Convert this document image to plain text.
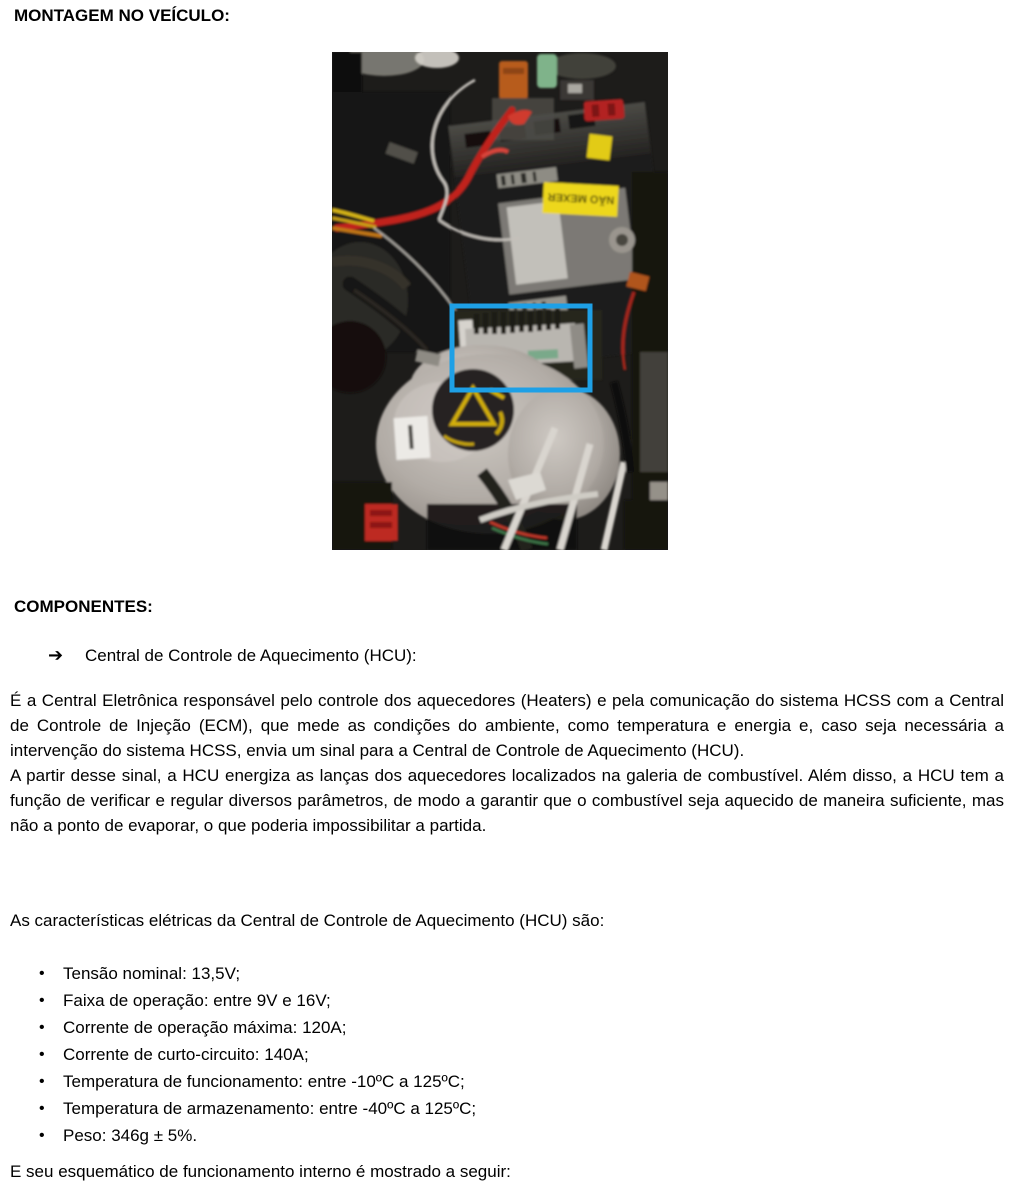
MONTAGEM NO VEÍCULO:
NÃO MEXER
COMPONENTES:
➔ Central de Controle de Aquecimento (HCU):

É a Central Eletrônica responsável pelo controle dos aquecedores (Heaters) e pela comunicação do sistema HCSS com a Central de Controle de Injeção (ECM), que mede as condições do ambiente, como temperatura e energia e, caso seja necessária a intervenção do sistema HCSS, envia um sinal para a Central de Controle de Aquecimento (HCU).

A partir desse sinal, a HCU energiza as lanças dos aquecedores localizados na galeria de combustível. Além disso, a HCU tem a função de verificar e regular diversos parâmetros, de modo a garantir que o combustível seja aquecido de maneira suficiente, mas não a ponto de evaporar, o que poderia impossibilitar a partida.

As características elétricas da Central de Controle de Aquecimento (HCU) são:
• Tensão nominal: 13,5V;
• Faixa de operação: entre 9V e 16V;
• Corrente de operação máxima: 120A;
• Corrente de curto-circuito: 140A;
• Temperatura de funcionamento: entre -10ºC a 125ºC;
• Temperatura de armazenamento: entre -40ºC a 125ºC;
• Peso: 346g ± 5%.
E seu esquemático de funcionamento interno é mostrado a seguir:
